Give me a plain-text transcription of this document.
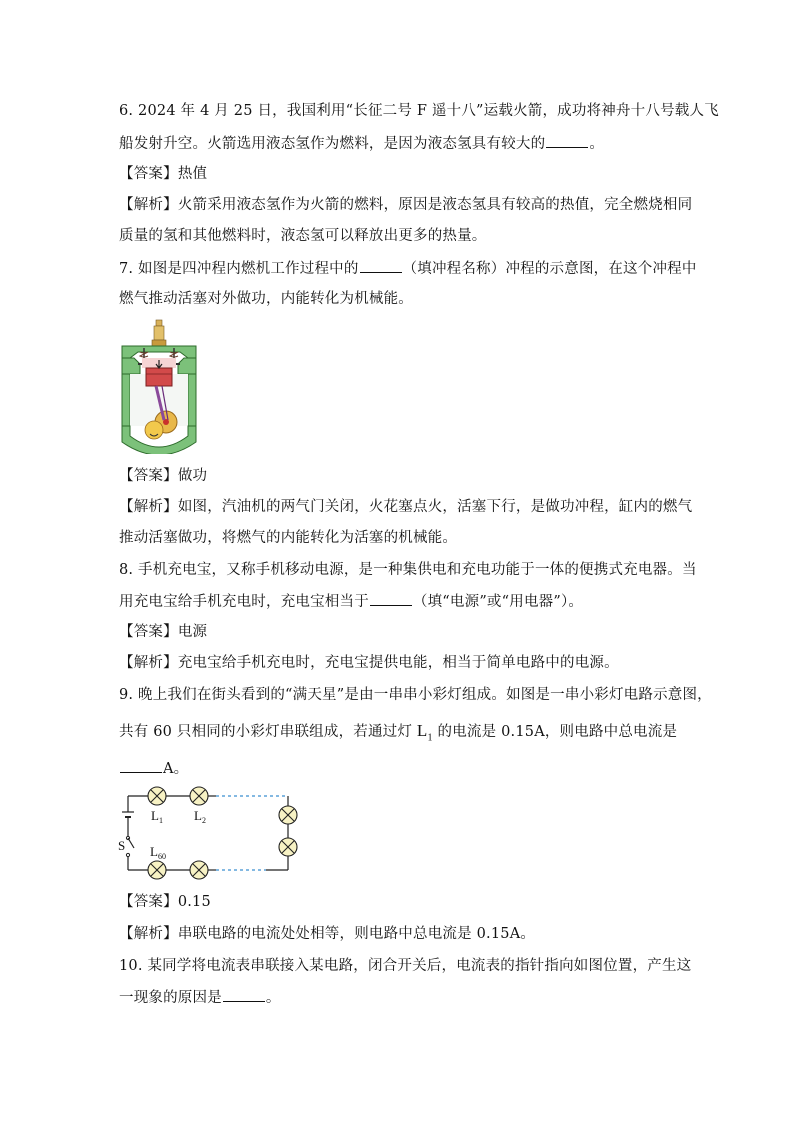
6. 2024 年 4 月 25 日，我国利用“长征二号 F 遥十八”运载火箭，成功将神舟十八号载人飞
船发射升空。火箭选用液态氢作为燃料，是因为液态氢具有较大的	。
【答案】热值
【解析】火箭采用液态氢作为火箭的燃料，原因是液态氢具有较高的热值，完全燃烧相同
质量的氢和其他燃料时，液态氢可以释放出更多的热量。
7. 如图是四冲程内燃机工作过程中的	（填冲程名称）冲程的示意图，在这个冲程中
燃气推动活塞对外做功，内能转化为机械能。
【答案】做功
【解析】如图，汽油机的两气门关闭，火花塞点火，活塞下行，是做功冲程，缸内的燃气
推动活塞做功，将燃气的内能转化为活塞的机械能。
8. 手机充电宝，又称手机移动电源，是一种集供电和充电功能于一体的便携式充电器。当
用充电宝给手机充电时，充电宝相当于	（填“电源”或“用电器”）。
【答案】电源
【解析】充电宝给手机充电时，充电宝提供电能，相当于简单电路中的电源。
9. 晚上我们在街头看到的“满天星”是由一串串小彩灯组成。如图是一串小彩灯电路示意图，
共有 60 只相同的小彩灯串联组成，若通过灯 $L_1$ 的电流是 0.15A，则电路中总电流是
A。
$L_1$ $L_2$
S $L_{60}$
【答案】0.15
【解析】串联电路的电流处处相等，则电路中总电流是 0.15A。
10. 某同学将电流表串联接入某电路，闭合开关后，电流表的指针指向如图位置，产生这
一现象的原因是	。
